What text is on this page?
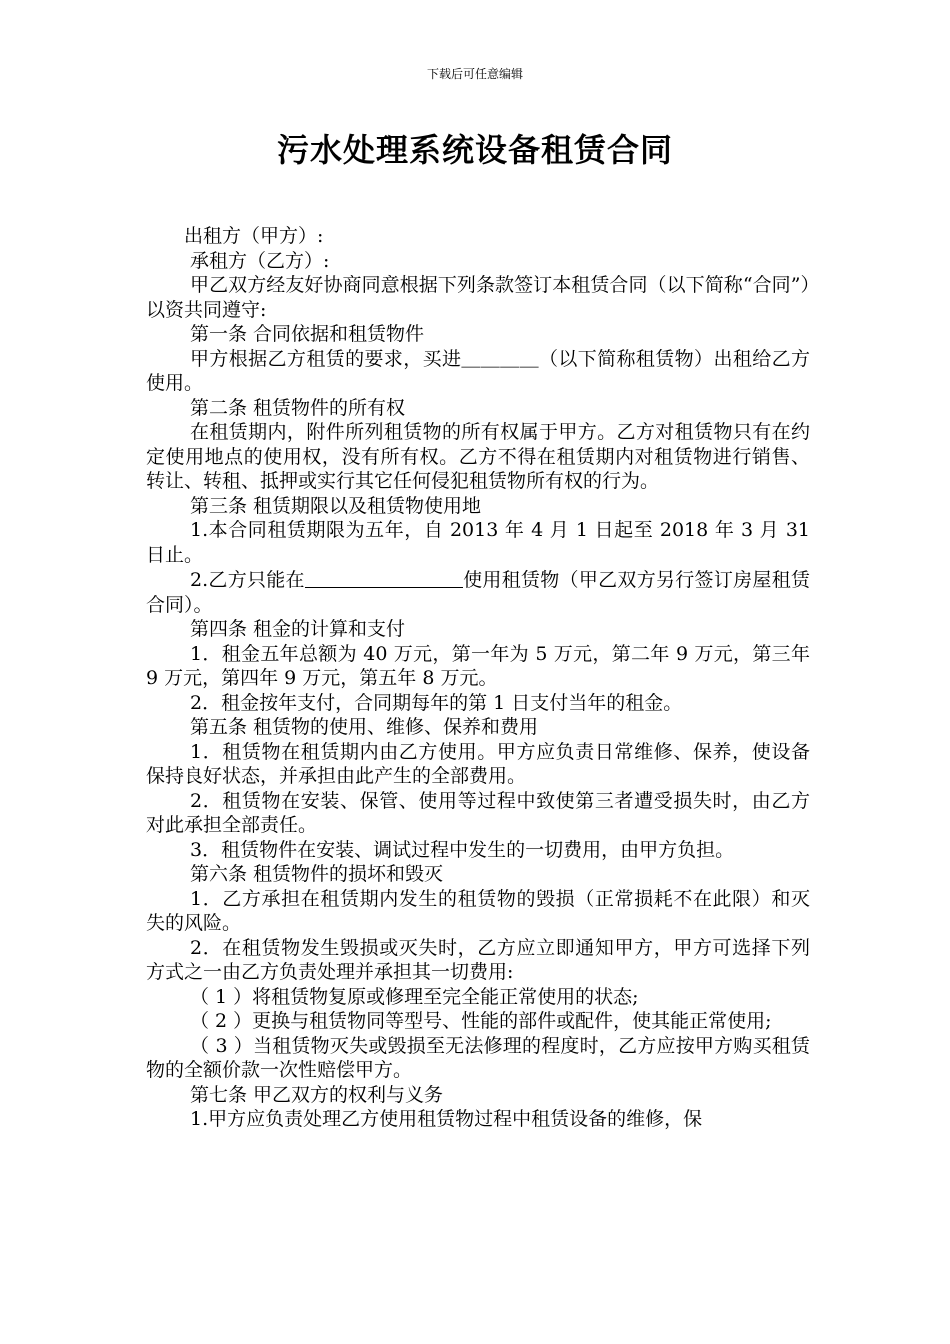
下载后可任意编辑
污水处理系统设备租赁合同

出租方（甲方）:

承租方（乙方）:

甲乙双方经友好协商同意根据下列条款签订本租赁合同（以下简称“合同”）以资共同遵守:

第一条 合同依据和租赁物件

甲方根据乙方租赁的要求，买进＿＿＿＿（以下简称租赁物）出租给乙方使用。

第二条 租赁物件的所有权

在租赁期内，附件所列租赁物的所有权属于甲方。乙方对租赁物只有在约定使用地点的使用权，没有所有权。乙方不得在租赁期内对租赁物进行销售、转让、转租、抵押或实行其它任何侵犯租赁物所有权的行为。

第三条 租赁期限以及租赁物使用地

1.本合同租赁期限为五年，自 2013 年 4 月 1 日起至 2018 年 3 月 31 日止。

2.乙方只能在	使用租赁物（甲乙双方另行签订房屋租赁合同）。

第四条 租金的计算和支付

1．租金五年总额为 40 万元，第一年为 5 万元，第二年 9 万元，第三年 9 万元，第四年 9 万元，第五年 8 万元。

2．租金按年支付，合同期每年的第 1 日支付当年的租金。

第五条 租赁物的使用、维修、保养和费用

1．租赁物在租赁期内由乙方使用。甲方应负责日常维修、保养，使设备保持良好状态，并承担由此产生的全部费用。

2．租赁物在安装、保管、使用等过程中致使第三者遭受损失时，由乙方对此承担全部责任。

3．租赁物件在安装、调试过程中发生的一切费用，由甲方负担。

第六条 租赁物件的损坏和毁灭

1．乙方承担在租赁期内发生的租赁物的毁损（正常损耗不在此限）和灭失的风险。

2．在租赁物发生毁损或灭失时，乙方应立即通知甲方，甲方可选择下列方式之一由乙方负责处理并承担其一切费用:

（ 1 ）将租赁物复原或修理至完全能正常使用的状态;

（ 2 ）更换与租赁物同等型号、性能的部件或配件，使其能正常使用;

（ 3 ）当租赁物灭失或毁损至无法修理的程度时，乙方应按甲方购买租赁物的全额价款一次性赔偿甲方。

第七条 甲乙双方的权利与义务

1.甲方应负责处理乙方使用租赁物过程中租赁设备的维修，保
